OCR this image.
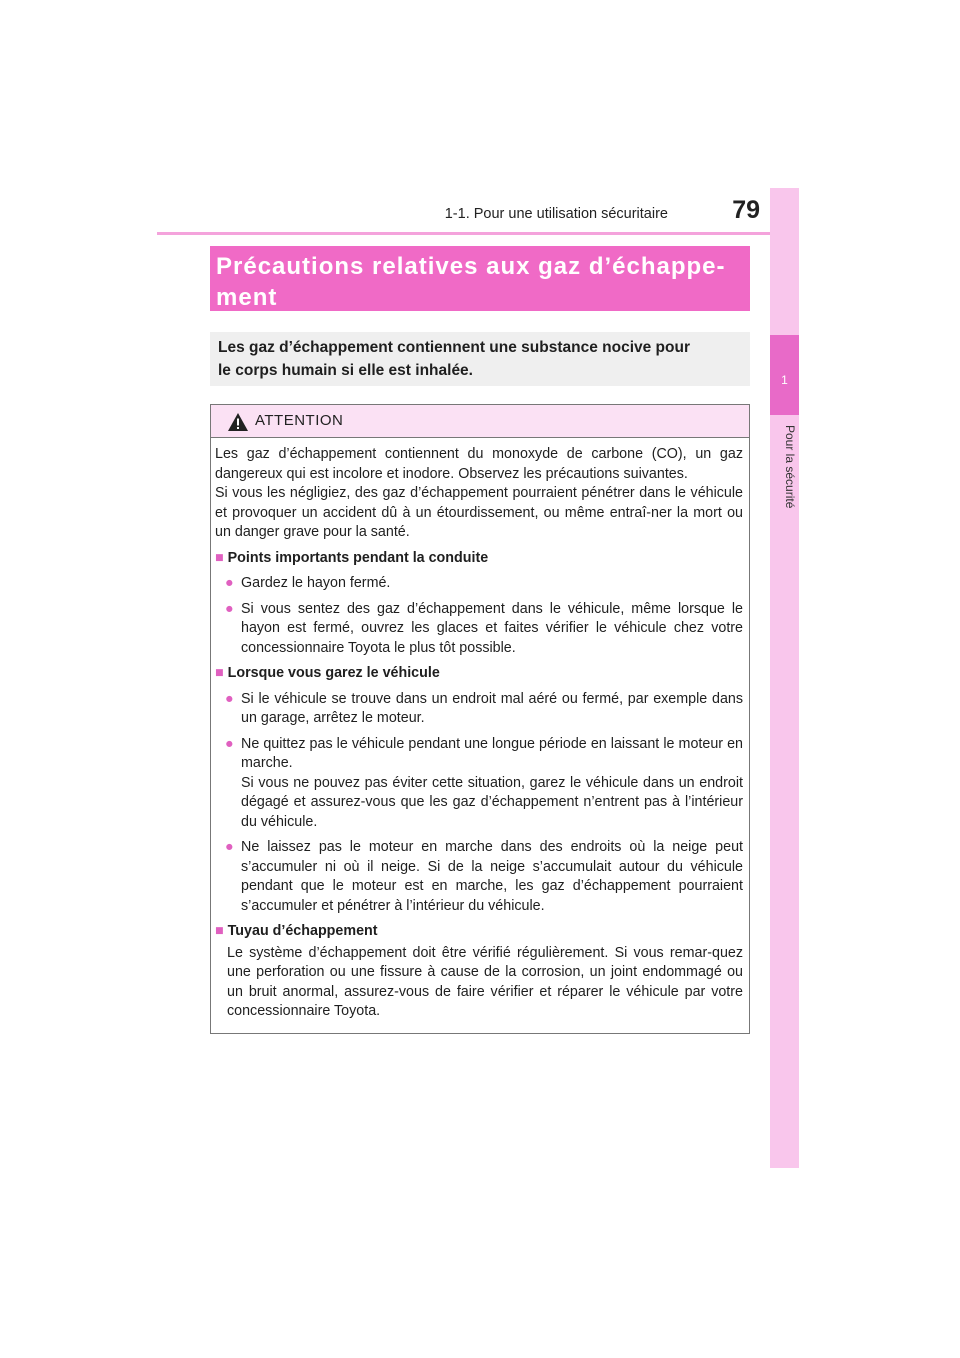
1-1. Pour une utilisation sécuritaire	79
1
Pour la sécurité
Précautions relatives aux gaz d’échappe-
ment
Les gaz d’échappement contiennent une substance nocive pour
le corps humain si elle est inhalée.
ATTENTION
Les gaz d’échappement contiennent du monoxyde de carbone (CO), un gaz dangereux qui est incolore et inodore. Observez les précautions suivantes.
Si vous les négligiez, des gaz d’échappement pourraient pénétrer dans le véhicule et provoquer un accident dû à un étourdissement, ou même entraî-ner la mort ou un danger grave pour la santé.
■ Points importants pendant la conduite
● Gardez le hayon fermé.
● Si vous sentez des gaz d’échappement dans le véhicule, même lorsque le hayon est fermé, ouvrez les glaces et faites vérifier le véhicule chez votre concessionnaire Toyota le plus tôt possible.
■ Lorsque vous garez le véhicule
● Si le véhicule se trouve dans un endroit mal aéré ou fermé, par exemple dans un garage, arrêtez le moteur.
● Ne quittez pas le véhicule pendant une longue période en laissant le moteur en marche.
Si vous ne pouvez pas éviter cette situation, garez le véhicule dans un endroit dégagé et assurez-vous que les gaz d’échappement n’entrent pas à l’intérieur du véhicule.
● Ne laissez pas le moteur en marche dans des endroits où la neige peut s’accumuler ni où il neige. Si de la neige s’accumulait autour du véhicule pendant que le moteur est en marche, les gaz d’échappement pourraient s’accumuler et pénétrer à l’intérieur du véhicule.
■ Tuyau d’échappement
Le système d’échappement doit être vérifié régulièrement. Si vous remar-quez une perforation ou une fissure à cause de la corrosion, un joint endommagé ou un bruit anormal, assurez-vous de faire vérifier et réparer le véhicule par votre concessionnaire Toyota.
